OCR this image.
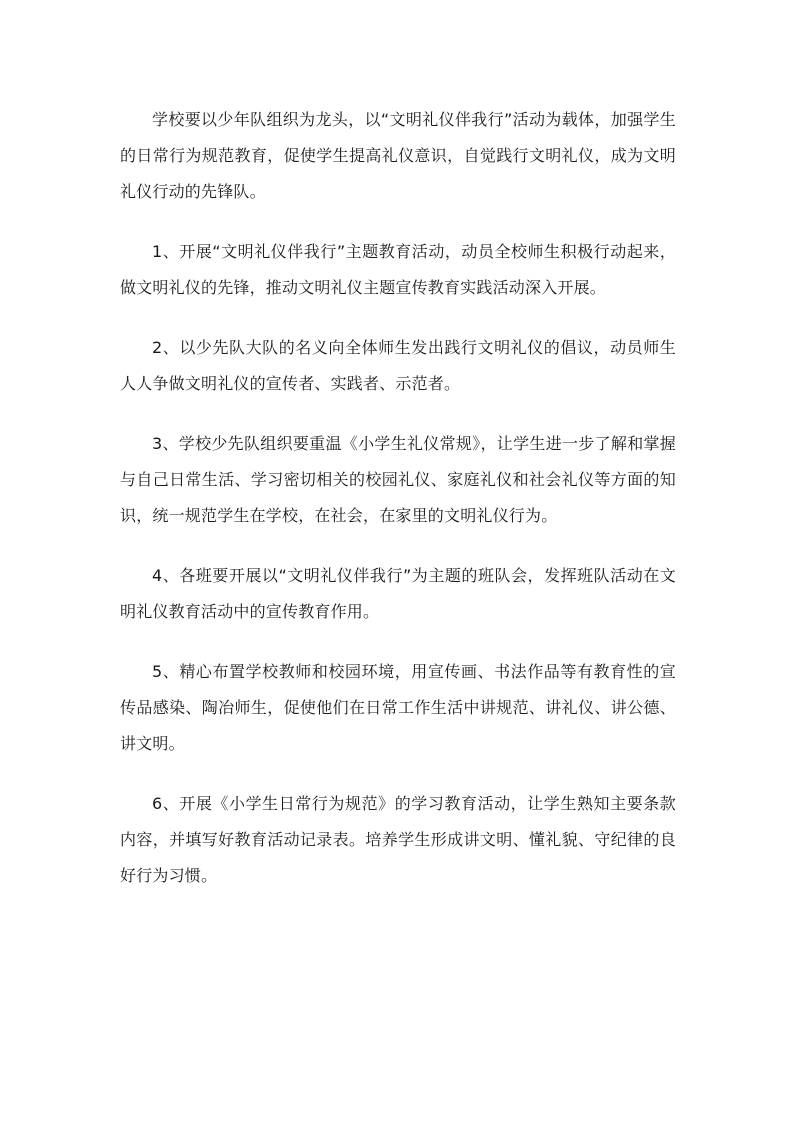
学校要以少年队组织为龙头，以“文明礼仪伴我行”活动为载体，加强学生的日常行为规范教育，促使学生提高礼仪意识，自觉践行文明礼仪，成为文明礼仪行动的先锋队。

1、开展“文明礼仪伴我行”主题教育活动，动员全校师生积极行动起来，做文明礼仪的先锋，推动文明礼仪主题宣传教育实践活动深入开展。

2、以少先队大队的名义向全体师生发出践行文明礼仪的倡议，动员师生人人争做文明礼仪的宣传者、实践者、示范者。

3、学校少先队组织要重温《小学生礼仪常规》，让学生进一步了解和掌握与自己日常生活、学习密切相关的校园礼仪、家庭礼仪和社会礼仪等方面的知识，统一规范学生在学校，在社会，在家里的文明礼仪行为。

4、各班要开展以“文明礼仪伴我行”为主题的班队会，发挥班队活动在文明礼仪教育活动中的宣传教育作用。

5、精心布置学校教师和校园环境，用宣传画、书法作品等有教育性的宣传品感染、陶冶师生，促使他们在日常工作生活中讲规范、讲礼仪、讲公德、讲文明。

6、开展《小学生日常行为规范》的学习教育活动，让学生熟知主要条款内容，并填写好教育活动记录表。培养学生形成讲文明、懂礼貌、守纪律的良好行为习惯。
